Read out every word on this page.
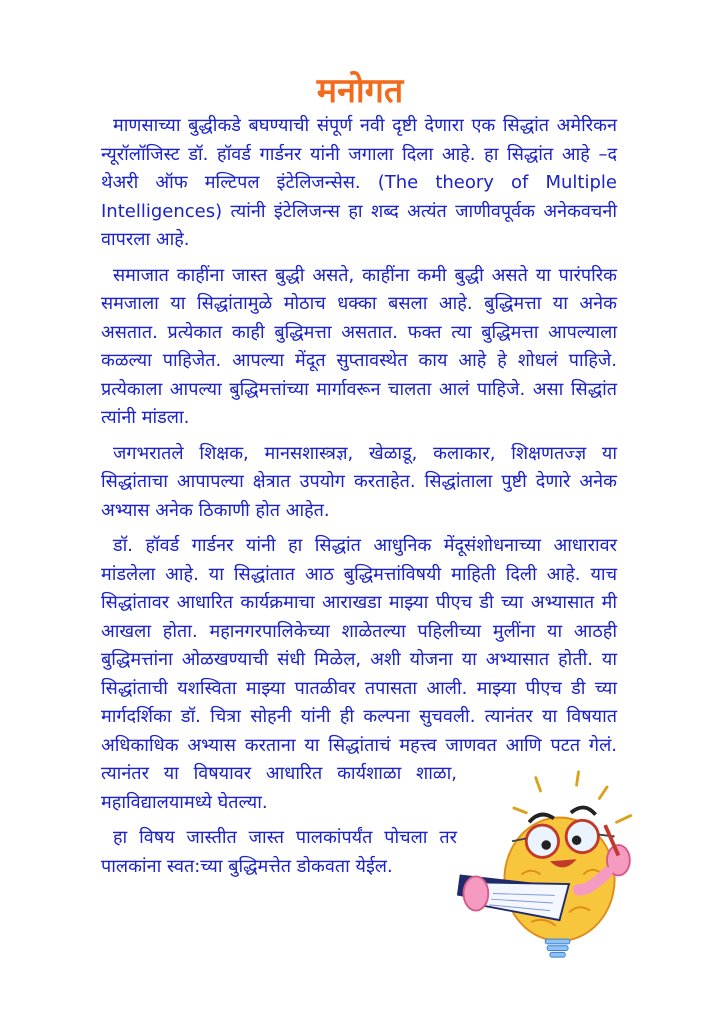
मनोगत

माणसाच्या बुद्धीकडे बघण्याची संपूर्ण नवी दृष्टी देणारा एक सिद्धांत अमेरिकन न्यूरॉलॉजिस्ट डॉ. हॉवर्ड गार्डनर यांनी जगाला दिला आहे. हा सिद्धांत आहे –द थेअरी ऑफ मल्टिपल इंटेलिजन्सेस. (The theory of Multiple Intelligences) त्यांनी इंटेलिजन्स हा शब्द अत्यंत जाणीवपूर्वक अनेकवचनी वापरला आहे.

समाजात काहींना जास्त बुद्धी असते, काहींना कमी बुद्धी असते या पारंपरिक समजाला या सिद्धांतामुळे मोठाच धक्का बसला आहे. बुद्धिमत्ता या अनेक असतात. प्रत्येकात काही बुद्धिमत्ता असतात. फक्त त्या बुद्धिमत्ता आपल्याला कळल्या पाहिजेत. आपल्या मेंदूत सुप्तावस्थेत काय आहे हे शोधलं पाहिजे. प्रत्येकाला आपल्या बुद्धिमत्तांच्या मार्गावरून चालता आलं पाहिजे. असा सिद्धांत त्यांनी मांडला.

जगभरातले शिक्षक, मानसशास्त्रज्ञ, खेळाडू, कलाकार, शिक्षणतज्ज्ञ या सिद्धांताचा आपापल्या क्षेत्रात उपयोग करताहेत. सिद्धांताला पुष्टी देणारे अनेक अभ्यास अनेक ठिकाणी होत आहेत.

डॉ. हॉवर्ड गार्डनर यांनी हा सिद्धांत आधुनिक मेंदूसंशोधनाच्या आधारावर मांडलेला आहे. या सिद्धांतात आठ बुद्धिमत्तांविषयी माहिती दिली आहे. याच सिद्धांतावर आधारित कार्यक्रमाचा आराखडा माझ्या पीएच डी च्या अभ्यासात मी आखला होता. महानगरपालिकेच्या शाळेतल्या पहिलीच्या मुलींना या आठही बुद्धिमत्तांना ओळखण्याची संधी मिळेल, अशी योजना या अभ्यासात होती. या सिद्धांताची यशस्विता माझ्या पातळीवर तपासता आली. माझ्या पीएच डी च्या मार्गदर्शिका डॉ. चित्रा सोहनी यांनी ही कल्पना सुचवली. त्यानंतर या विषयात अधिकाधिक अभ्यास करताना या सिद्धांताचं महत्त्व जाणवत आणि पटत गेलं. त्यानंतर या विषयावर आधारित कार्यशाळा शाळा, महाविद्यालयामध्ये घेतल्या.

हा विषय जास्तीत जास्त पालकांपर्यंत पोचला तर पालकांना स्वत:च्या बुद्धिमत्तेत डोकवता येईल.
